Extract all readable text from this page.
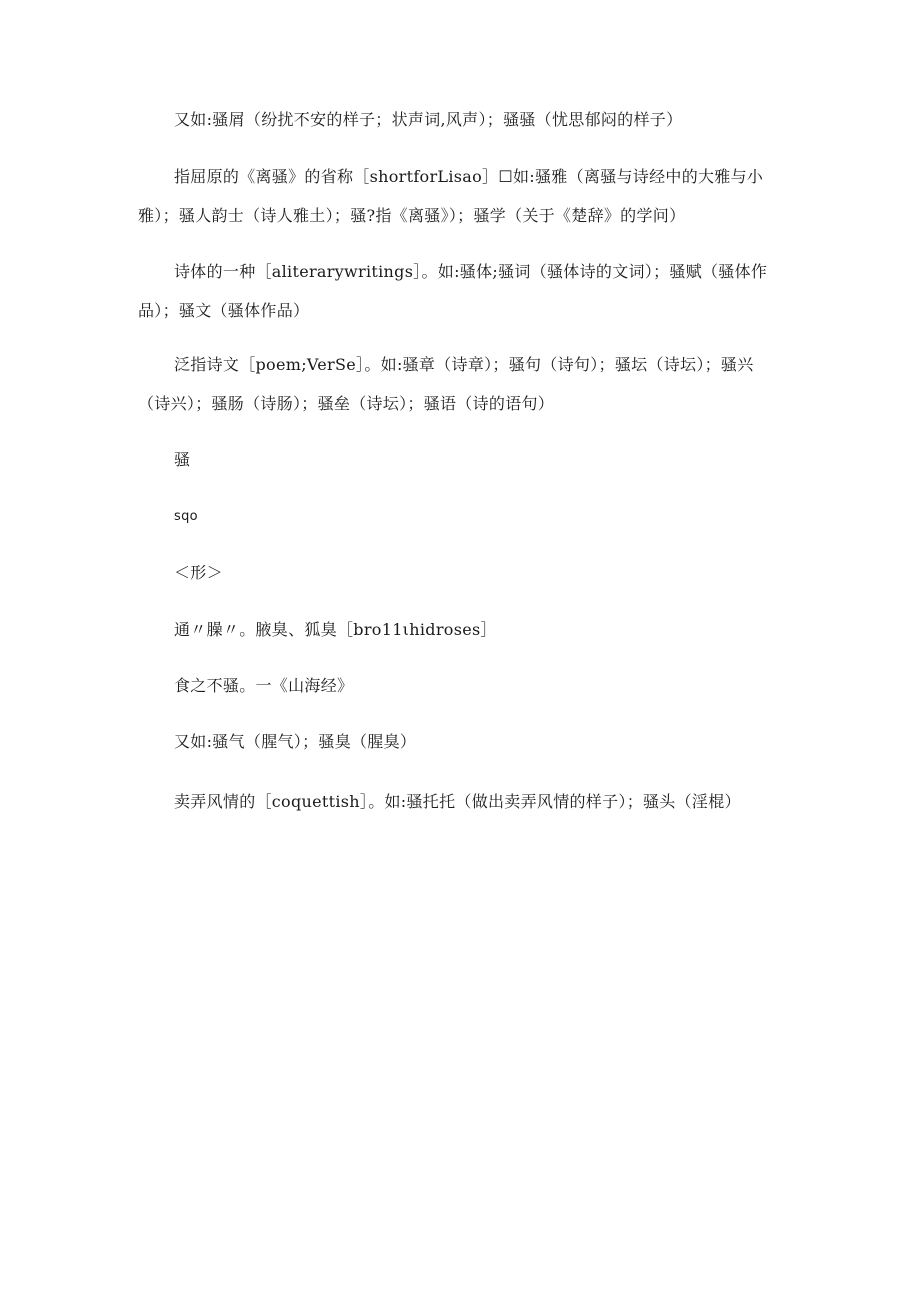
又如:骚屑（纷扰不安的样子；状声词,风声）；骚骚（忧思郁闷的样子）

指屈原的《离骚》的省称［shortforLisao］☐如:骚雅（离骚与诗经中的大雅与小雅）；骚人韵士（诗人雅土）；骚?指《离骚》）；骚学（关于《楚辞》的学问）

诗体的一种［aliterarywritings］。如:骚体;骚词（骚体诗的文词）；骚赋（骚体作品）；骚文（骚体作品）

泛指诗文［poem;VerSe］。如:骚章（诗章）；骚句（诗句）；骚坛（诗坛）；骚兴（诗兴）；骚肠（诗肠）；骚垒（诗坛）；骚语（诗的语句）

骚

sqo

＜形＞

通〃臊〃。腋臭、狐臭［bro11ιhidroses］

食之不骚。一《山海经》

又如:骚气（腥气）；骚臭（腥臭）

卖弄风情的［coquettish］。如:骚托托（做出卖弄风情的样子）；骚头（淫棍）
